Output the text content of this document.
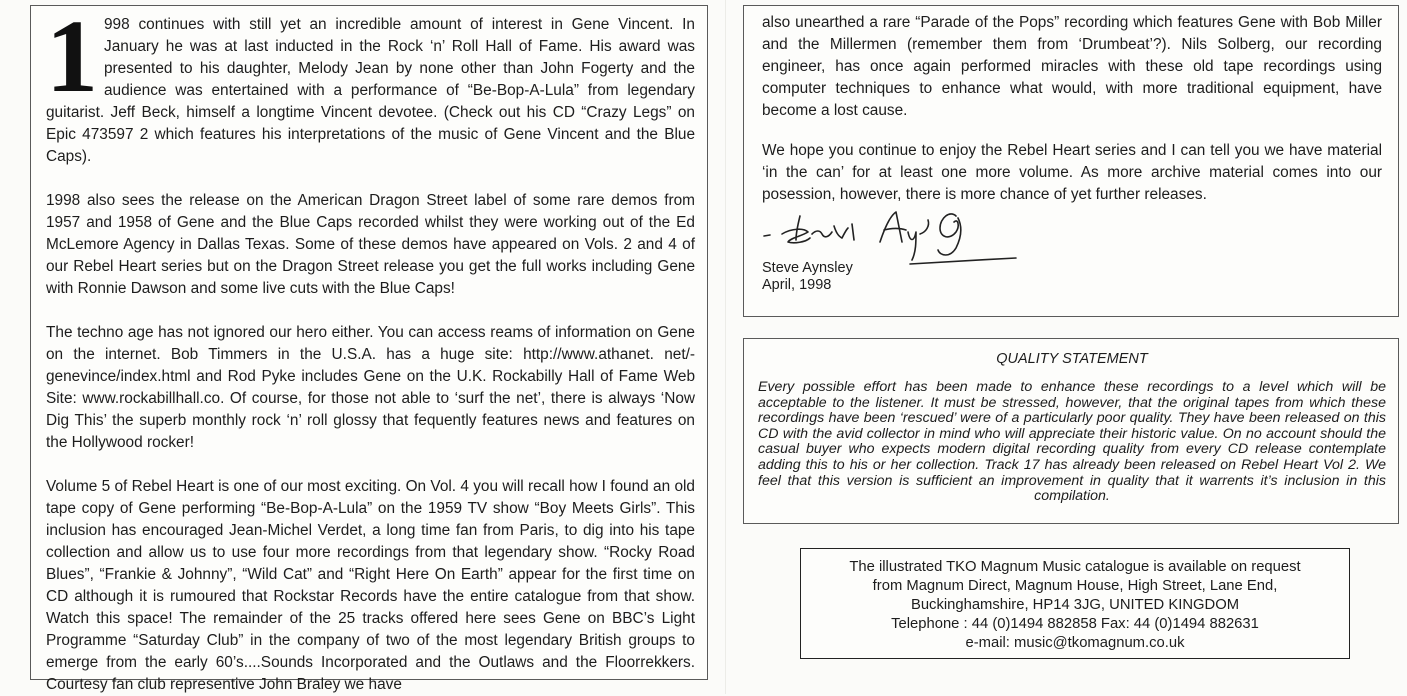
1 998 continues with still yet an incredible amount of interest in Gene Vincent. In January he was at last inducted in the Rock ‘n’ Roll Hall of Fame. His award was presented to his daughter, Melody Jean by none other than John Fogerty and the audience was entertained with a performance of “Be-Bop-A-Lula” from legendary guitarist. Jeff Beck, himself a longtime Vincent devotee. (Check out his CD “Crazy Legs” on Epic 473597 2 which features his interpretations of the music of Gene Vincent and the Blue Caps).

1998 also sees the release on the American Dragon Street label of some rare demos from 1957 and 1958 of Gene and the Blue Caps recorded whilst they were working out of the Ed McLemore Agency in Dallas Texas. Some of these demos have appeared on Vols. 2 and 4 of our Rebel Heart series but on the Dragon Street release you get the full works including Gene with Ronnie Dawson and some live cuts with the Blue Caps!

The techno age has not ignored our hero either. You can access reams of information on Gene on the internet. Bob Timmers in the U.S.A. has a huge site: http://www.athanet. net/-genevince/index.html and Rod Pyke includes Gene on the U.K. Rockabilly Hall of Fame Web Site: www.rockabillhall.co. Of course, for those not able to ‘surf the net’, there is always ‘Now Dig This’ the superb monthly rock ‘n’ roll glossy that fequently features news and features on the Hollywood rocker!

Volume 5 of Rebel Heart is one of our most exciting. On Vol. 4 you will recall how I found an old tape copy of Gene performing “Be-Bop-A-Lula” on the 1959 TV show “Boy Meets Girls”. This inclusion has encouraged Jean-Michel Verdet, a long time fan from Paris, to dig into his tape collection and allow us to use four more recordings from that legendary show. “Rocky Road Blues”, “Frankie & Johnny”, “Wild Cat” and “Right Here On Earth” appear for the first time on CD although it is rumoured that Rockstar Records have the entire catalogue from that show. Watch this space! The remainder of the 25 tracks offered here sees Gene on BBC’s Light Programme “Saturday Club” in the company of two of the most legendary British groups to emerge from the early 60’s....Sounds Incorporated and the Outlaws and the Floorrekkers. Courtesy fan club representive John Braley we have

also unearthed a rare “Parade of the Pops” recording which features Gene with Bob Miller and the Millermen (remember them from ‘Drumbeat’?). Nils Solberg, our recording engineer, has once again performed miracles with these old tape recordings using computer techniques to enhance what would, with more traditional equipment, have become a lost cause.

We hope you continue to enjoy the Rebel Heart series and I can tell you we have material ‘in the can’ for at least one more volume. As more archive material comes into our posession, however, there is more chance of yet further releases.

Steve Aynsley
April, 1998
QUALITY STATEMENT

Every possible effort has been made to enhance these recordings to a level which will be acceptable to the listener. It must be stressed, however, that the original tapes from which these recordings have been ‘rescued’ were of a particularly poor quality. They have been released on this CD with the avid collector in mind who will appreciate their historic value. On no account should the casual buyer who expects modern digital recording quality from every CD release contemplate adding this to his or her collection. Track 17 has already been released on Rebel Heart Vol 2. We feel that this version is sufficient an improvement in quality that it warrents it’s inclusion in this compilation.

The illustrated TKO Magnum Music catalogue is available on request
from Magnum Direct, Magnum House, High Street, Lane End,
Buckinghamshire, HP14 3JG, UNITED KINGDOM
Telephone : 44 (0)1494 882858 Fax: 44 (0)1494 882631
e-mail: music@tkomagnum.co.uk
